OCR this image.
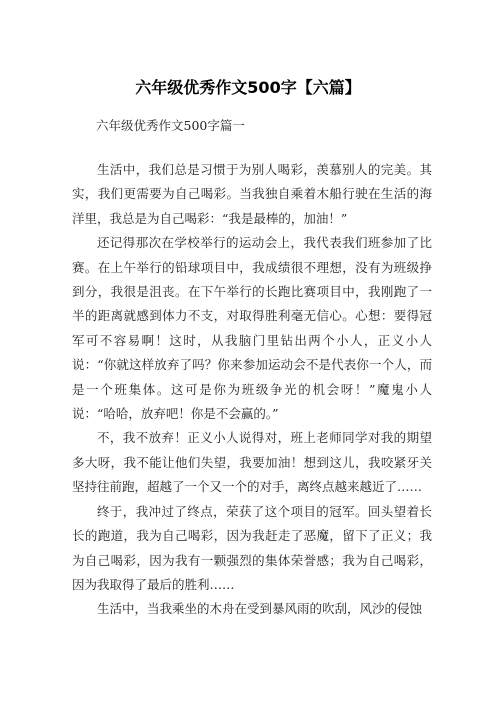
六年级优秀作文500字【六篇】
六年级优秀作文500字篇一

生活中，我们总是习惯于为别人喝彩，羡慕别人的完美。其实，我们更需要为自己喝彩。当我独自乘着木船行驶在生活的海洋里，我总是为自己喝彩：“我是最棒的，加油！”

还记得那次在学校举行的运动会上，我代表我们班参加了比赛。在上午举行的铅球项目中，我成绩很不理想，没有为班级挣到分，我很是沮丧。在下午举行的长跑比赛项目中，我刚跑了一半的距离就感到体力不支，对取得胜利毫无信心。心想：要得冠军可不容易啊！这时，从我脑门里钻出两个小人，正义小人说：“你就这样放弃了吗？你来参加运动会不是代表你一个人，而是一个班集体。这可是你为班级争光的机会呀！”魔鬼小人说：“哈哈，放弃吧！你是不会赢的。”

不，我不放弃！正义小人说得对，班上老师同学对我的期望多大呀，我不能让他们失望，我要加油！想到这儿，我咬紧牙关坚持往前跑，超越了一个又一个的对手，离终点越来越近了……

终于，我冲过了终点，荣获了这个项目的冠军。回头望着长长的跑道，我为自己喝彩，因为我赶走了恶魔，留下了正义；我为自己喝彩，因为我有一颗强烈的集体荣誉感；我为自己喝彩，因为我取得了最后的胜利……

生活中，当我乘坐的木舟在受到暴风雨的吹刮，风沙的侵蚀
